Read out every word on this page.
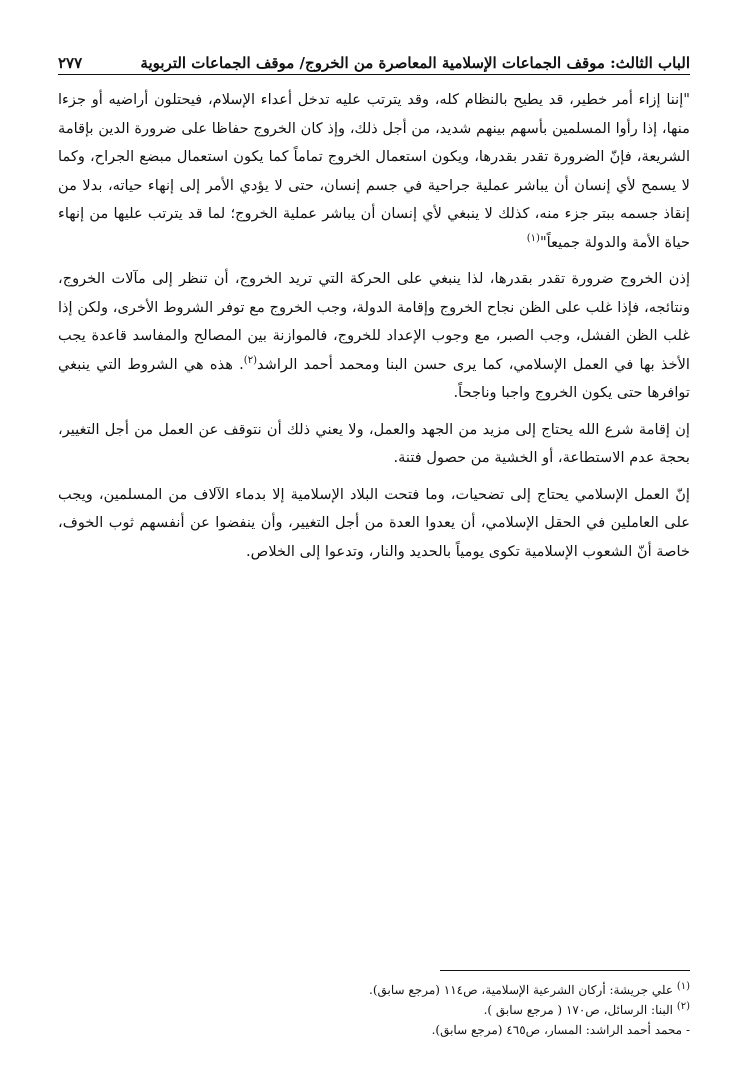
الباب الثالث: موقف الجماعات الإسلامية المعاصرة من الخروج/ موقف الجماعات التربوية
٢٧٧

"إننا إزاء أمر خطير، قد يطيح بالنظام كله، وقد يترتب عليه تدخل أعداء الإسلام، فيحتلون أراضيه أو جزءا منها، إذا رأوا المسلمين بأسهم بينهم شديد، من أجل ذلك، وإذ كان الخروج حفاظا على ضرورة الدين بإقامة الشريعة، فإنّ الضرورة تقدر بقدرها، ويكون استعمال الخروج تماماً كما يكون استعمال مبضع الجراح، وكما لا يسمح لأي إنسان أن يباشر عملية جراحية في جسم إنسان، حتى لا يؤدي الأمر إلى إنهاء حياته، بدلا من إنقاذ جسمه ببتر جزء منه، كذلك لا ينبغي لأي إنسان أن يباشر عملية الخروج؛ لما قد يترتب عليها من إنهاء حياة الأمة والدولة جميعاً"$^{(١)}$

إذن الخروج ضرورة تقدر بقدرها، لذا ينبغي على الحركة التي تريد الخروج، أن تنظر إلى مآلات الخروج، ونتائجه، فإذا غلب على الظن نجاح الخروج وإقامة الدولة، وجب الخروج مع توفر الشروط الأخرى، ولكن إذا غلب الظن الفشل، وجب الصبر، مع وجوب الإعداد للخروج، فالموازنة بين المصالح والمفاسد قاعدة يجب الأخذ بها في العمل الإسلامي، كما يرى حسن البنا ومحمد أحمد الراشد$^{(٢)}$. هذه هي الشروط التي ينبغي توافرها حتى يكون الخروج واجبا وناجحاً.

إن إقامة شرع الله يحتاج إلى مزيد من الجهد والعمل، ولا يعني ذلك أن نتوقف عن العمل من أجل التغيير، بحجة عدم الاستطاعة، أو الخشية من حصول فتنة.

إنّ العمل الإسلامي يحتاج إلى تضحيات، وما فتحت البلاد الإسلامية إلا بدماء الآلاف من المسلمين، ويجب على العاملين في الحقل الإسلامي، أن يعدوا العدة من أجل التغيير، وأن ينفضوا عن أنفسهم ثوب الخوف، خاصة أنّ الشعوب الإسلامية تكوى يومياً بالحديد والنار، وتدعوا إلى الخلاص.

$^{(١)}$ علي جريشة: أركان الشرعية الإسلامية، ص١١٤ (مرجع سابق).

$^{(٢)}$ البنا: الرسائل، ص١٧٠ ( مرجع سابق ).

- محمد أحمد الراشد: المسار، ص٤٦٥ (مرجع سابق).
